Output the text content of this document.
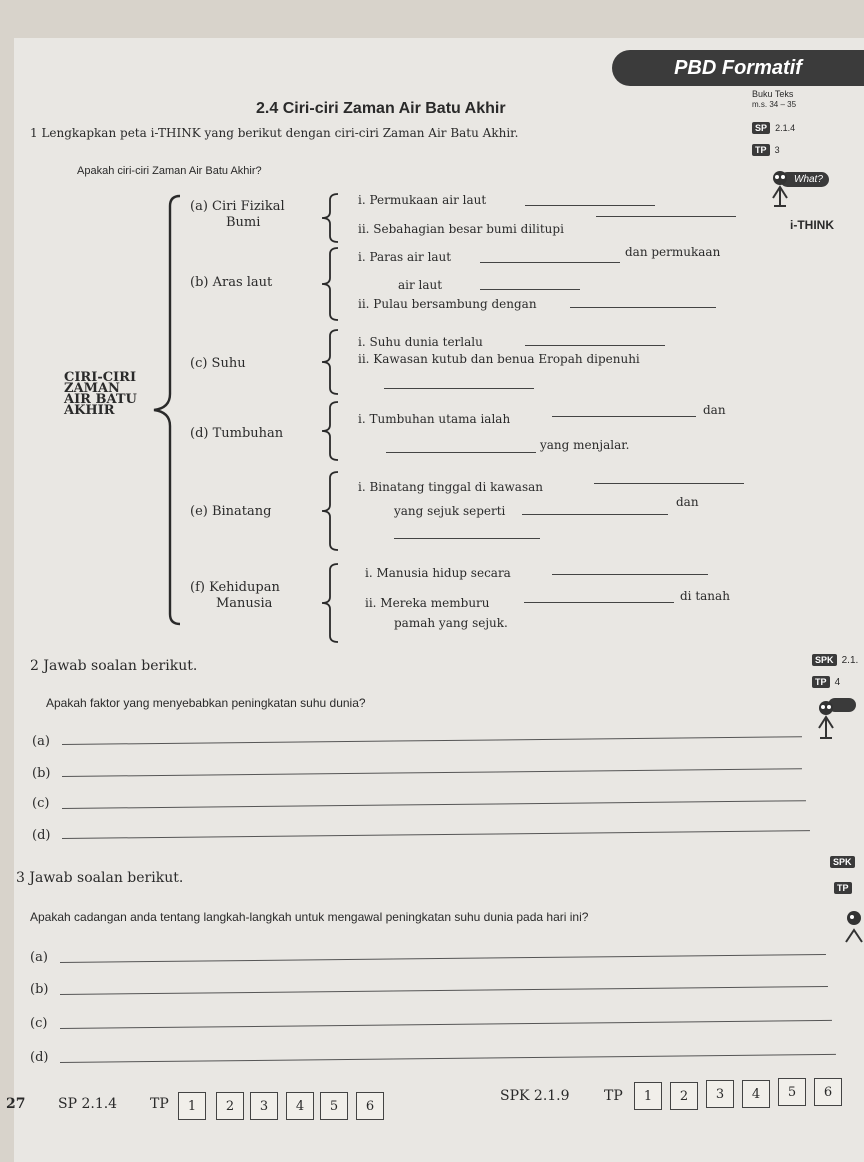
PBD Formatif
2.4 Ciri-ciri Zaman Air Batu Akhir
Buku Teks
m.s. 34 – 35
SP 2.1.4
TP 3
1 Lengkapkan peta i-THINK yang berikut dengan ciri-ciri Zaman Air Batu Akhir.
Apakah ciri-ciri Zaman Air Batu Akhir?
What?
i-THINK
CIRI-CIRI
ZAMAN
AIR BATU
AKHIR
(a) Ciri Fizikal
Bumi
i. Permukaan air laut
ii. Sebahagian besar bumi dilitupi
(b) Aras laut
i. Paras air laut	dan permukaan
air laut
ii. Pulau bersambung dengan
(c) Suhu
i. Suhu dunia terlalu
ii. Kawasan kutub dan benua Eropah dipenuhi
(d) Tumbuhan
i. Tumbuhan utama ialah
dan
yang menjalar.
(e) Binatang
i. Binatang tinggal di kawasan
yang sejuk seperti
dan
(f) Kehidupan
Manusia
i. Manusia hidup secara
ii. Mereka memburu	di tanah
pamah yang sejuk.
2 Jawab soalan berikut.	SPK 2.1.
TP 4
Apakah faktor yang menyebabkan peningkatan suhu dunia?
(a)
(b)
(c)
(d)
3 Jawab soalan berikut.
SPK
TP
Apakah cadangan anda tentang langkah-langkah untuk mengawal peningkatan suhu dunia pada hari ini?
(a)
(b)
(c)
(d)
27 SP 2.1.4 TP	1	2	3	4	5	6
SPK 2.1.9 TP	1	2	3	4	5	6
